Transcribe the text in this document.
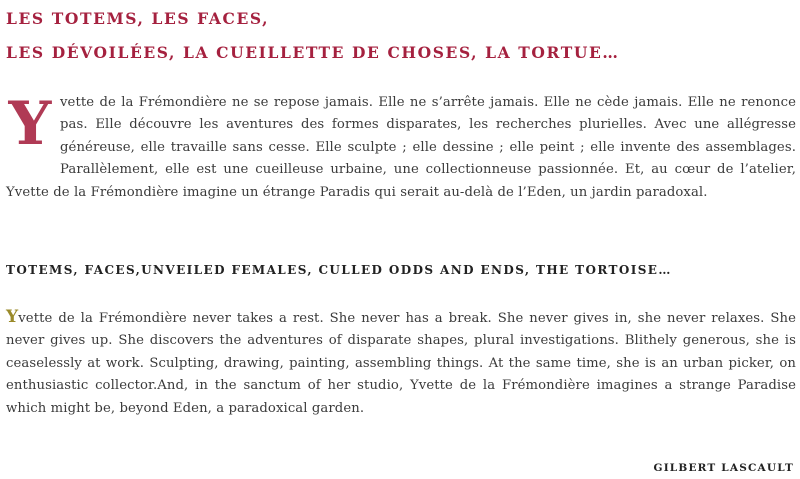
LES TOTEMS, LES FACES,
LES DÉVOILÉES, LA CUEILLETTE DE CHOSES, LA TORTUE…

Yvette de la Frémondière ne se repose jamais. Elle ne s’arrête jamais. Elle ne cède jamais. Elle ne renonce pas. Elle découvre les aventures des formes disparates, les recherches plurielles. Avec une allégresse généreuse, elle travaille sans cesse. Elle sculpte ; elle dessine ; elle peint ; elle invente des assemblages. Parallèlement, elle est une cueilleuse urbaine, une collectionneuse passionnée. Et, au cœur de l’atelier, Yvette de la Frémondière imagine un étrange Paradis qui serait au-delà de l’Eden, un jardin paradoxal.

TOTEMS, FACES,UNVEILED FEMALES, CULLED ODDS AND ENDS, THE TORTOISE…

Yvette de la Frémondière never takes a rest. She never has a break. She never gives in, she never relaxes. She never gives up. She discovers the adventures of disparate shapes, plural investigations. Blithely generous, she is ceaselessly at work. Sculpting, drawing, painting, assembling things. At the same time, she is an urban picker, on enthusiastic collector.And, in the sanctum of her studio, Yvette de la Frémondière imagines a strange Paradise which might be, beyond Eden, a paradoxical garden.

GILBERT LASCAULT
